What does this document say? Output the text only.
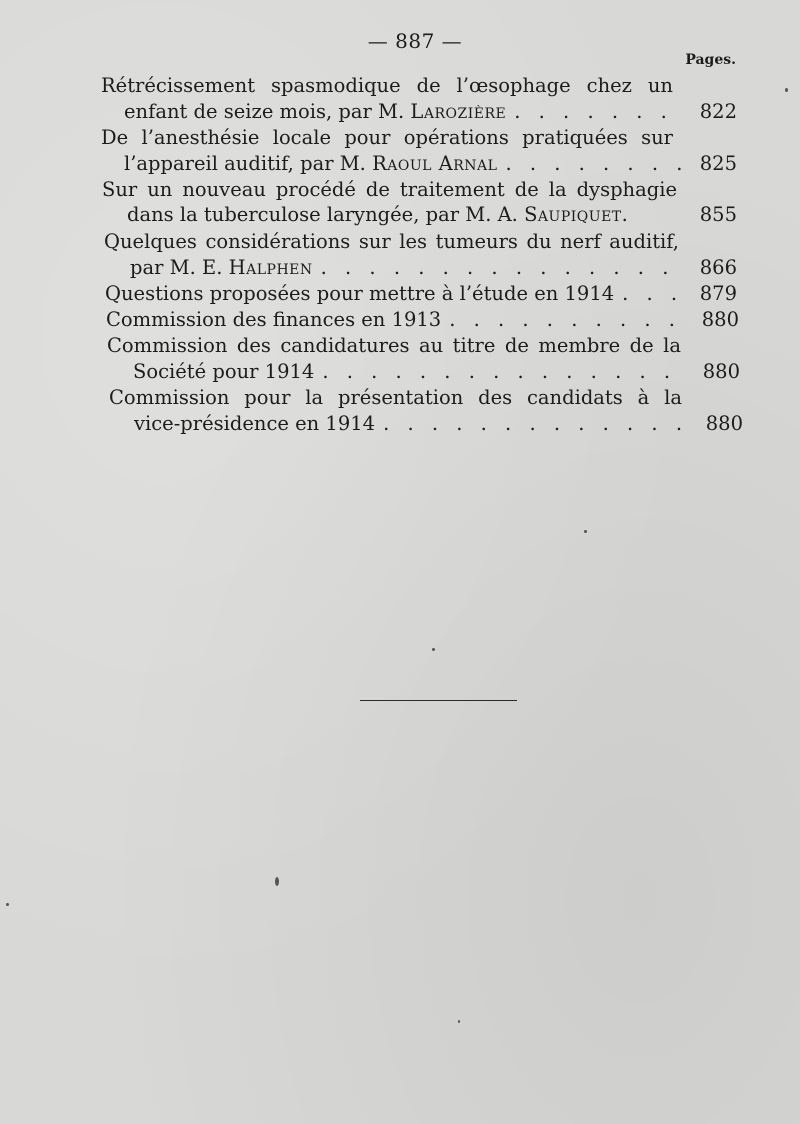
— 887 —
Pages.
Rétrécissement spasmodique de l’œsophage chez un
enfant de seize mois, par M. Larozière . . .	822
De l’anesthésie locale pour opérations pratiquées sur
l’appareil auditif, par M. Raoul Arnal . . .	825
Sur un nouveau procédé de traitement de la dysphagie
dans la tuberculose laryngée, par M. A. Saupiquet.	855
Quelques considérations sur les tumeurs du nerf auditif,
par M. E. Halphen . . .	866
Questions proposées pour mettre à l’étude en 1914 . . .	879
Commission des finances en 1913 . . .	880
Commission des candidatures au titre de membre de la
Société pour 1914 . . .	880
Commission pour la présentation des candidats à la
vice-présidence en 1914 . . .	880
